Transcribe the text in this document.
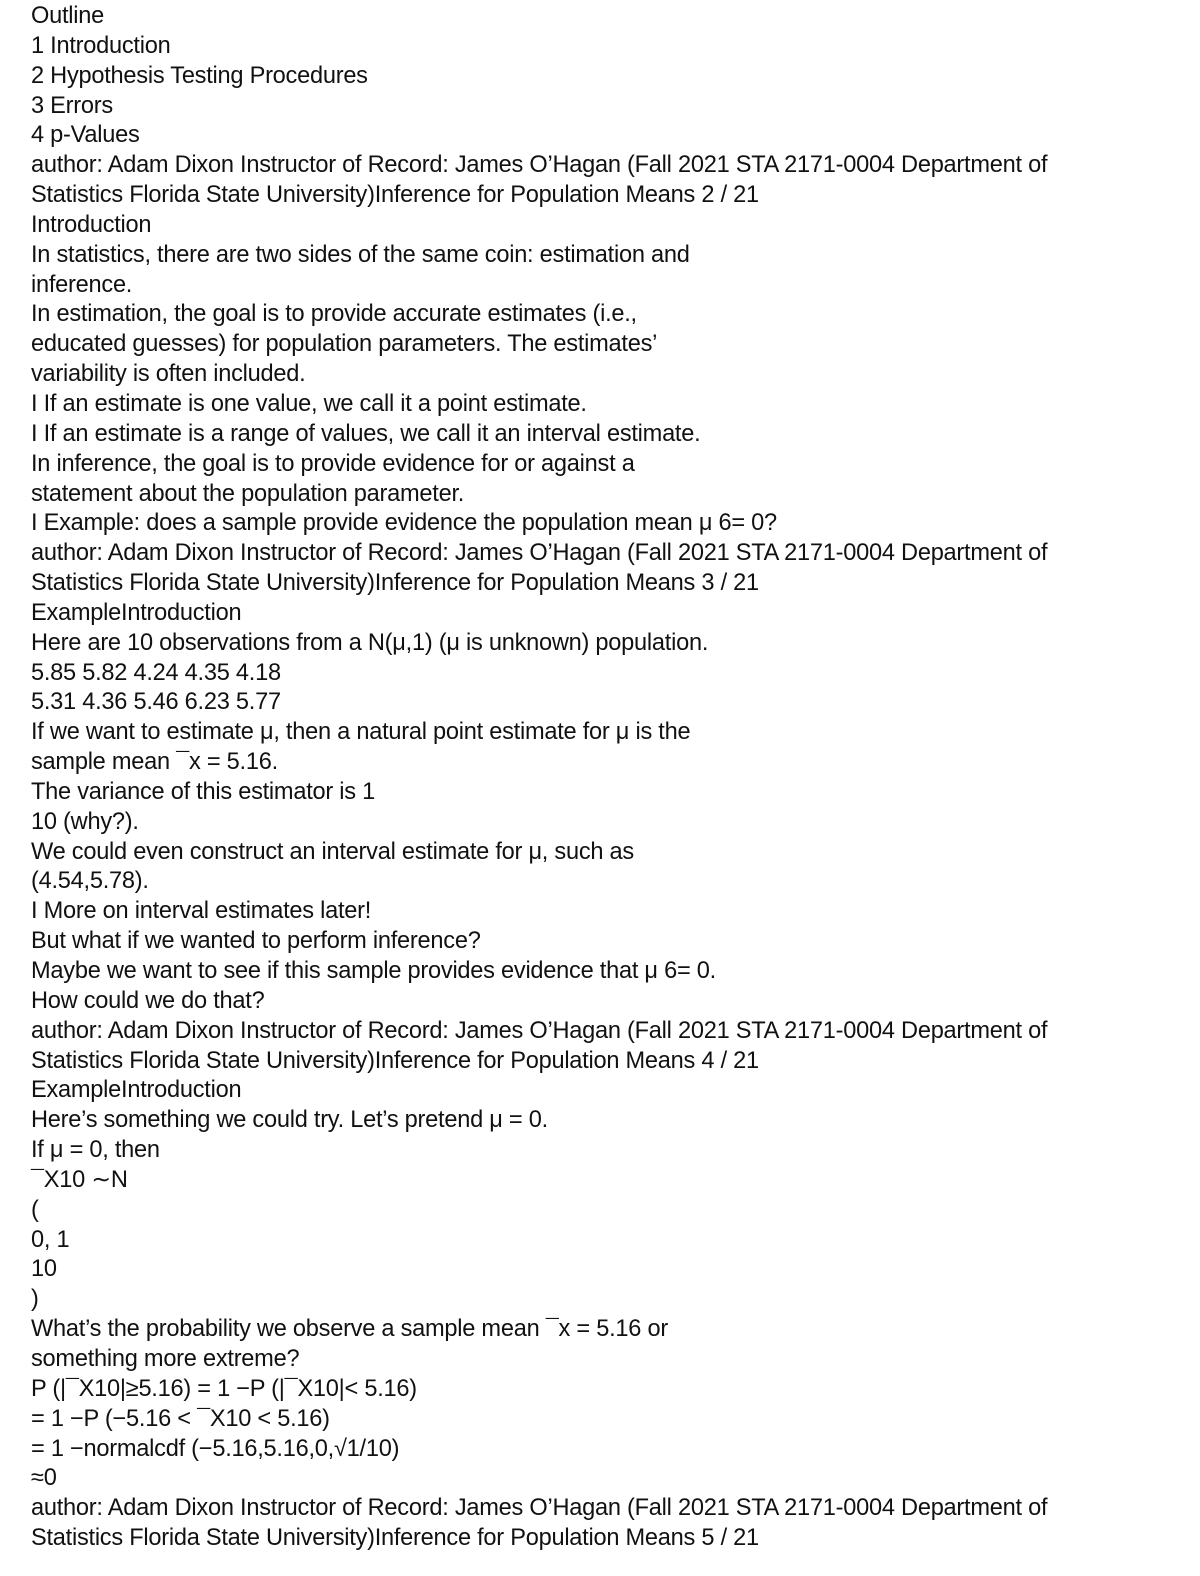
Outline
1 Introduction
2 Hypothesis Testing Procedures
3 Errors
4 p-Values
author: Adam Dixon Instructor of Record: James O’Hagan (Fall 2021 STA 2171-0004 Department of
Statistics Florida State University)Inference for Population Means 2 / 21
Introduction
In statistics, there are two sides of the same coin: estimation and
inference.
In estimation, the goal is to provide accurate estimates (i.e.,
educated guesses) for population parameters. The estimates’
variability is often included.
I If an estimate is one value, we call it a point estimate.
I If an estimate is a range of values, we call it an interval estimate.
In inference, the goal is to provide evidence for or against a
statement about the population parameter.
I Example: does a sample provide evidence the population mean μ 6= 0?
author: Adam Dixon Instructor of Record: James O’Hagan (Fall 2021 STA 2171-0004 Department of
Statistics Florida State University)Inference for Population Means 3 / 21
ExampleIntroduction
Here are 10 observations from a N(μ,1) (μ is unknown) population.
5.85 5.82 4.24 4.35 4.18
5.31 4.36 5.46 6.23 5.77
If we want to estimate μ, then a natural point estimate for μ is the
sample mean ¯x = 5.16.
The variance of this estimator is 1
10 (why?).
We could even construct an interval estimate for μ, such as
(4.54,5.78).
I More on interval estimates later!
But what if we wanted to perform inference?
Maybe we want to see if this sample provides evidence that μ 6= 0.
How could we do that?
author: Adam Dixon Instructor of Record: James O’Hagan (Fall 2021 STA 2171-0004 Department of
Statistics Florida State University)Inference for Population Means 4 / 21
ExampleIntroduction
Here’s something we could try. Let’s pretend μ = 0.
If μ = 0, then
¯X10 ∼N
(
0, 1
10
)
What’s the probability we observe a sample mean ¯x = 5.16 or
something more extreme?
P (|¯X10|≥5.16) = 1 −P (|¯X10|< 5.16)
= 1 −P (−5.16 < ¯X10 < 5.16)
= 1 −normalcdf (−5.16,5.16,0,√1/10)
≈0
author: Adam Dixon Instructor of Record: James O’Hagan (Fall 2021 STA 2171-0004 Department of
Statistics Florida State University)Inference for Population Means 5 / 21
